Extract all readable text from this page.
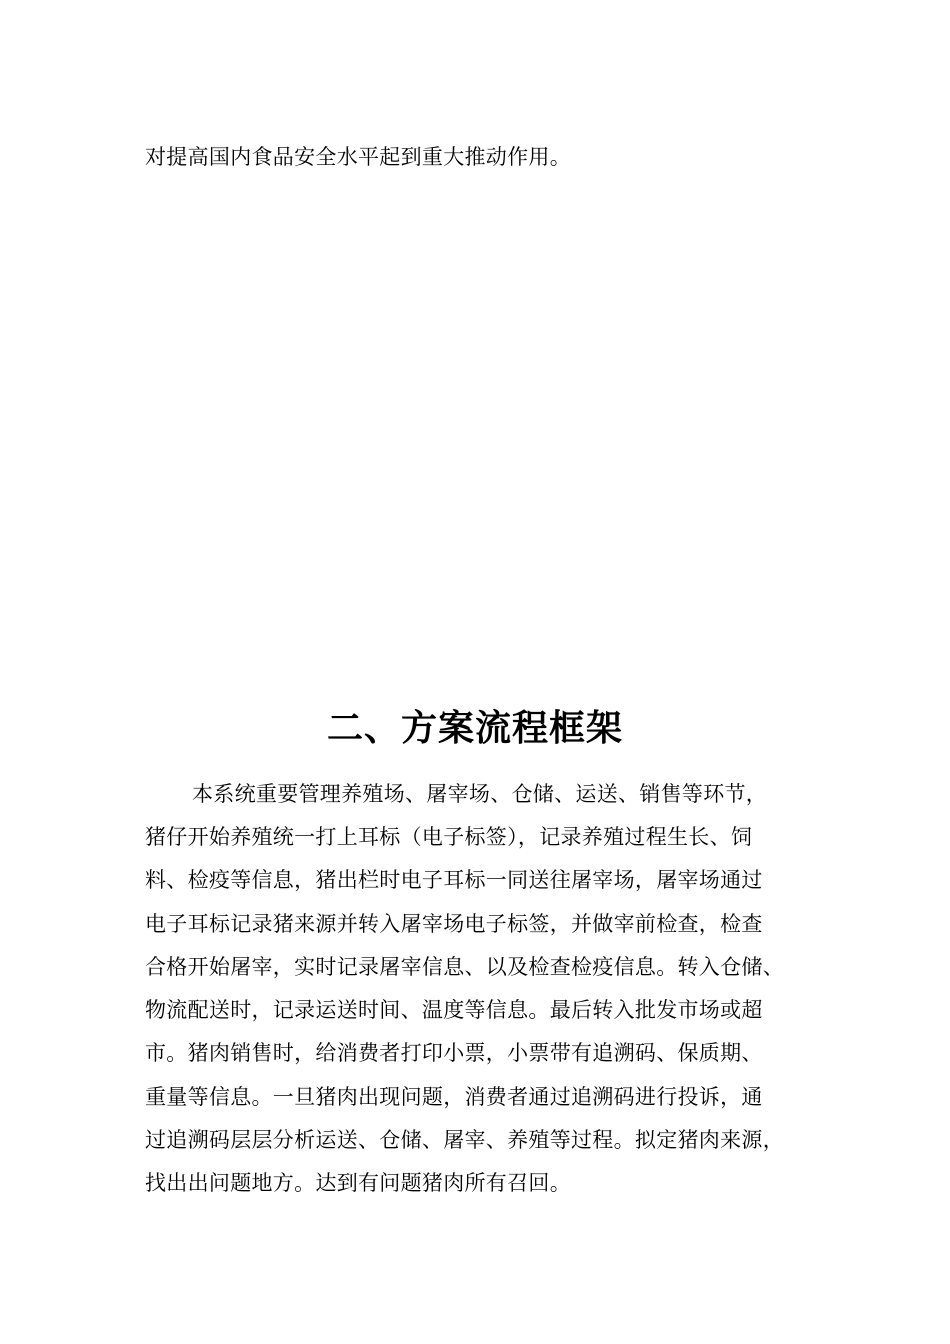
对提高国内食品安全水平起到重大推动作用。

二、方案流程框架

本系统重要管理养殖场、屠宰场、仓储、运送、销售等环节，

猪仔开始养殖统一打上耳标（电子标签），记录养殖过程生长、饲

料、检疫等信息，猪出栏时电子耳标一同送往屠宰场，屠宰场通过

电子耳标记录猪来源并转入屠宰场电子标签，并做宰前检查，检查

合格开始屠宰，实时记录屠宰信息、以及检查检疫信息。转入仓储、

物流配送时，记录运送时间、温度等信息。最后转入批发市场或超

市。猪肉销售时，给消费者打印小票，小票带有追溯码、保质期、

重量等信息。一旦猪肉出现问题，消费者通过追溯码进行投诉，通

过追溯码层层分析运送、仓储、屠宰、养殖等过程。拟定猪肉来源，

找出出问题地方。达到有问题猪肉所有召回。
